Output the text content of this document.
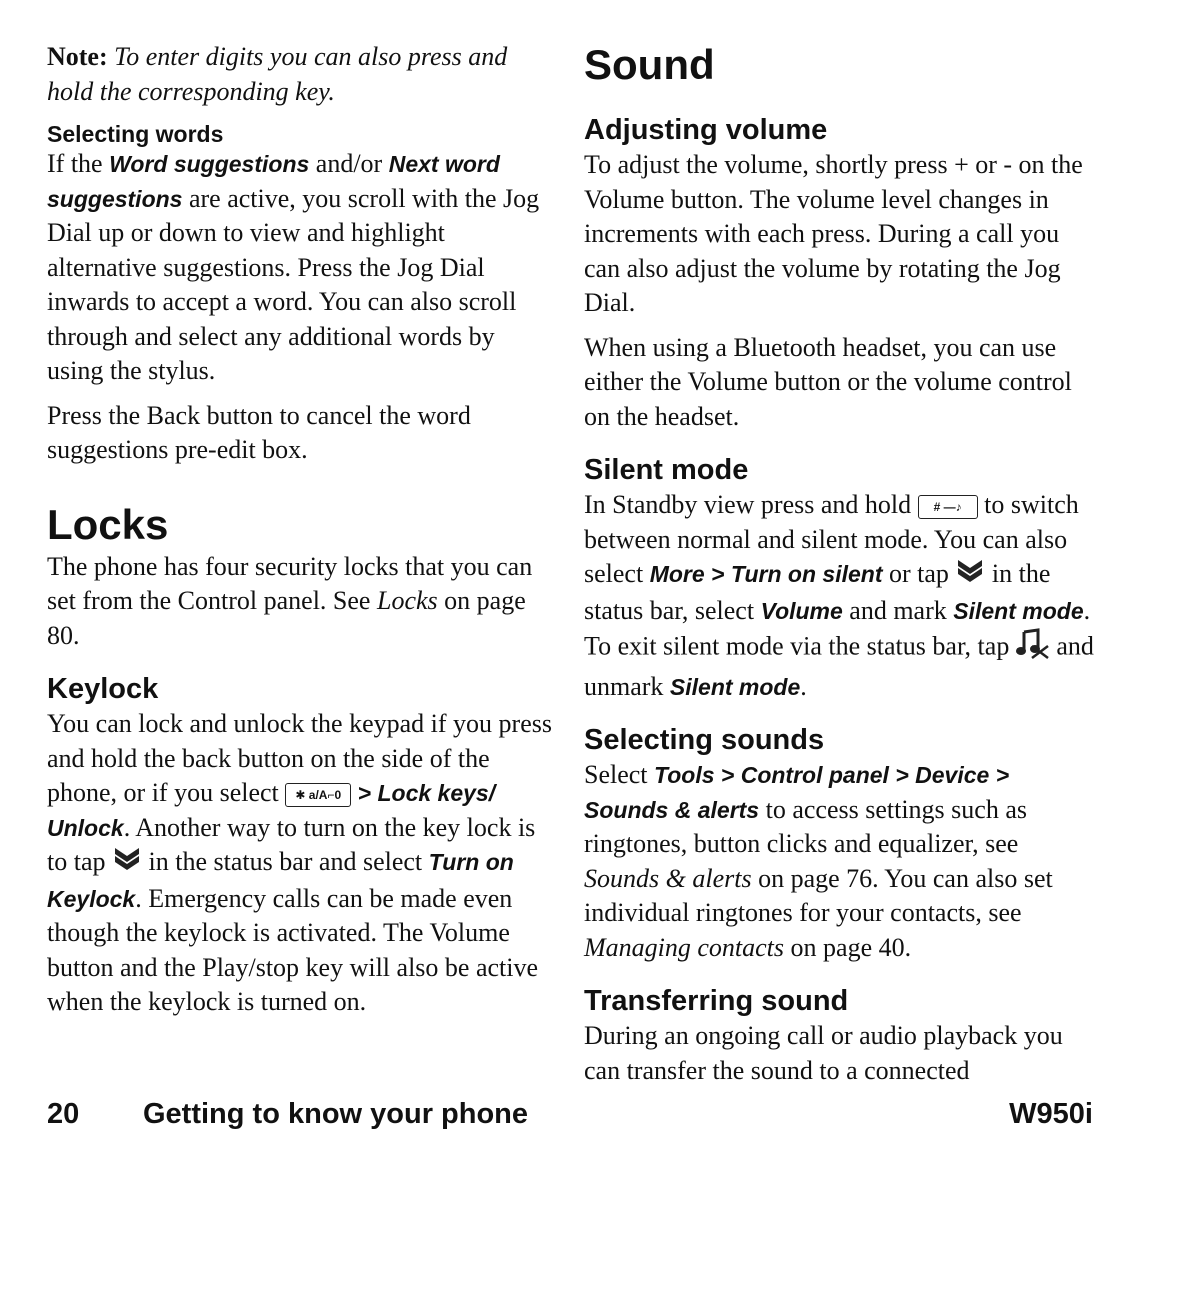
Note: To enter digits you can also press and hold the corresponding key.

Selecting words

If the Word suggestions and/or Next word suggestions are active, you scroll with the Jog Dial up or down to view and highlight alternative suggestions. Press the Jog Dial inwards to accept a word. You can also scroll through and select any additional words by using the stylus.

Press the Back button to cancel the word suggestions pre-edit box.

Locks

The phone has four security locks that you can set from the Control panel. See Locks on page 80.

Keylock

You can lock and unlock the keypad if you press and hold the back button on the side of the phone, or if you select ✱ a/A⌐0 > Lock keys/ Unlock. Another way to turn on the key lock is to tap  in the status bar and select Turn on Keylock. Emergency calls can be made even though the keylock is activated. The Volume button and the Play/stop key will also be active when the keylock is turned on.

Sound
Adjusting volume

To adjust the volume, shortly press + or - on the Volume button. The volume level changes in increments with each press. During a call you can also adjust the volume by rotating the Jog Dial.

When using a Bluetooth headset, you can use either the Volume button or the volume control on the headset.

Silent mode

In Standby view press and hold # —♪ to switch between normal and silent mode. You can also select More > Turn on silent or tap  in the status bar, select Volume and mark Silent mode. To exit silent mode via the status bar, tap  and unmark Silent mode.

Selecting sounds

Select Tools > Control panel > Device > Sounds & alerts to access settings such as ringtones, button clicks and equalizer, see Sounds & alerts on page 76. You can also set individual ringtones for your contacts, see Managing contacts on page 40.

Transferring sound

During an ongoing call or audio playback you can transfer the sound to a connected

20 Getting to know your phone	W950i
